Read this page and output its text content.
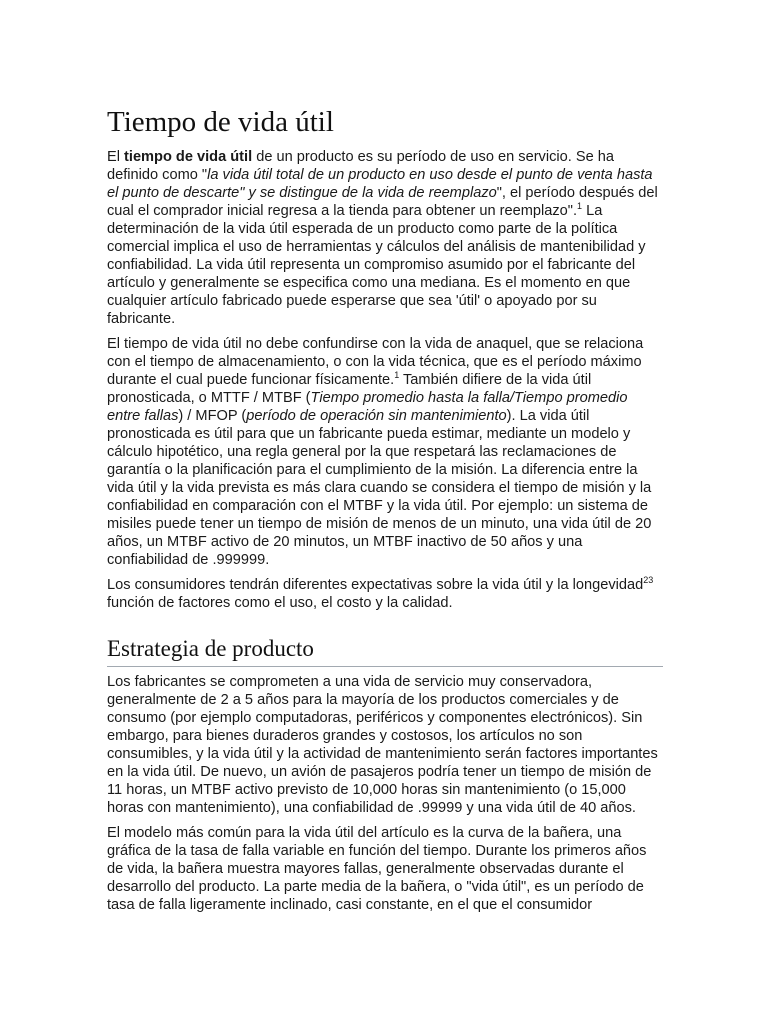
Tiempo de vida útil

El tiempo de vida útil de un producto es su período de uso en servicio. Se ha definido como "la vida útil total de un producto en uso desde el punto de venta hasta el punto de descarte" y se distingue de la vida de reemplazo", el período después del cual el comprador inicial regresa a la tienda para obtener un reemplazo".$^1$ La determinación de la vida útil esperada de un producto como parte de la política comercial implica el uso de herramientas y cálculos del análisis de mantenibilidad y confiabilidad. La vida útil representa un compromiso asumido por el fabricante del artículo y generalmente se especifica como una mediana. Es el momento en que cualquier artículo fabricado puede esperarse que sea 'útil' o apoyado por su fabricante.

El tiempo de vida útil no debe confundirse con la vida de anaquel, que se relaciona con el tiempo de almacenamiento, o con la vida técnica, que es el período máximo durante el cual puede funcionar físicamente.$^1$ También difiere de la vida útil pronosticada, o MTTF / MTBF (Tiempo promedio hasta la falla/Tiempo promedio entre fallas) / MFOP (período de operación sin mantenimiento). La vida útil pronosticada es útil para que un fabricante pueda estimar, mediante un modelo y cálculo hipotético, una regla general por la que respetará las reclamaciones de garantía o la planificación para el cumplimiento de la misión. La diferencia entre la vida útil y la vida prevista es más clara cuando se considera el tiempo de misión y la confiabilidad en comparación con el MTBF y la vida útil. Por ejemplo: un sistema de misiles puede tener un tiempo de misión de menos de un minuto, una vida útil de 20 años, un MTBF activo de 20 minutos, un MTBF inactivo de 50 años y una confiabilidad de .999999.

Los consumidores tendrán diferentes expectativas sobre la vida útil y la longevidad$^{23}$ función de factores como el uso, el costo y la calidad.

Estrategia de producto

Los fabricantes se comprometen a una vida de servicio muy conservadora, generalmente de 2 a 5 años para la mayoría de los productos comerciales y de consumo (por ejemplo computadoras, periféricos y componentes electrónicos). Sin embargo, para bienes duraderos grandes y costosos, los artículos no son consumibles, y la vida útil y la actividad de mantenimiento serán factores importantes en la vida útil. De nuevo, un avión de pasajeros podría tener un tiempo de misión de 11 horas, un MTBF activo previsto de 10,000 horas sin mantenimiento (o 15,000 horas con mantenimiento), una confiabilidad de .99999 y una vida útil de 40 años.

El modelo más común para la vida útil del artículo es la curva de la bañera, una gráfica de la tasa de falla variable en función del tiempo. Durante los primeros años de vida, la bañera muestra mayores fallas, generalmente observadas durante el desarrollo del producto. La parte media de la bañera, o "vida útil", es un período de tasa de falla ligeramente inclinado, casi constante, en el que el consumidor
